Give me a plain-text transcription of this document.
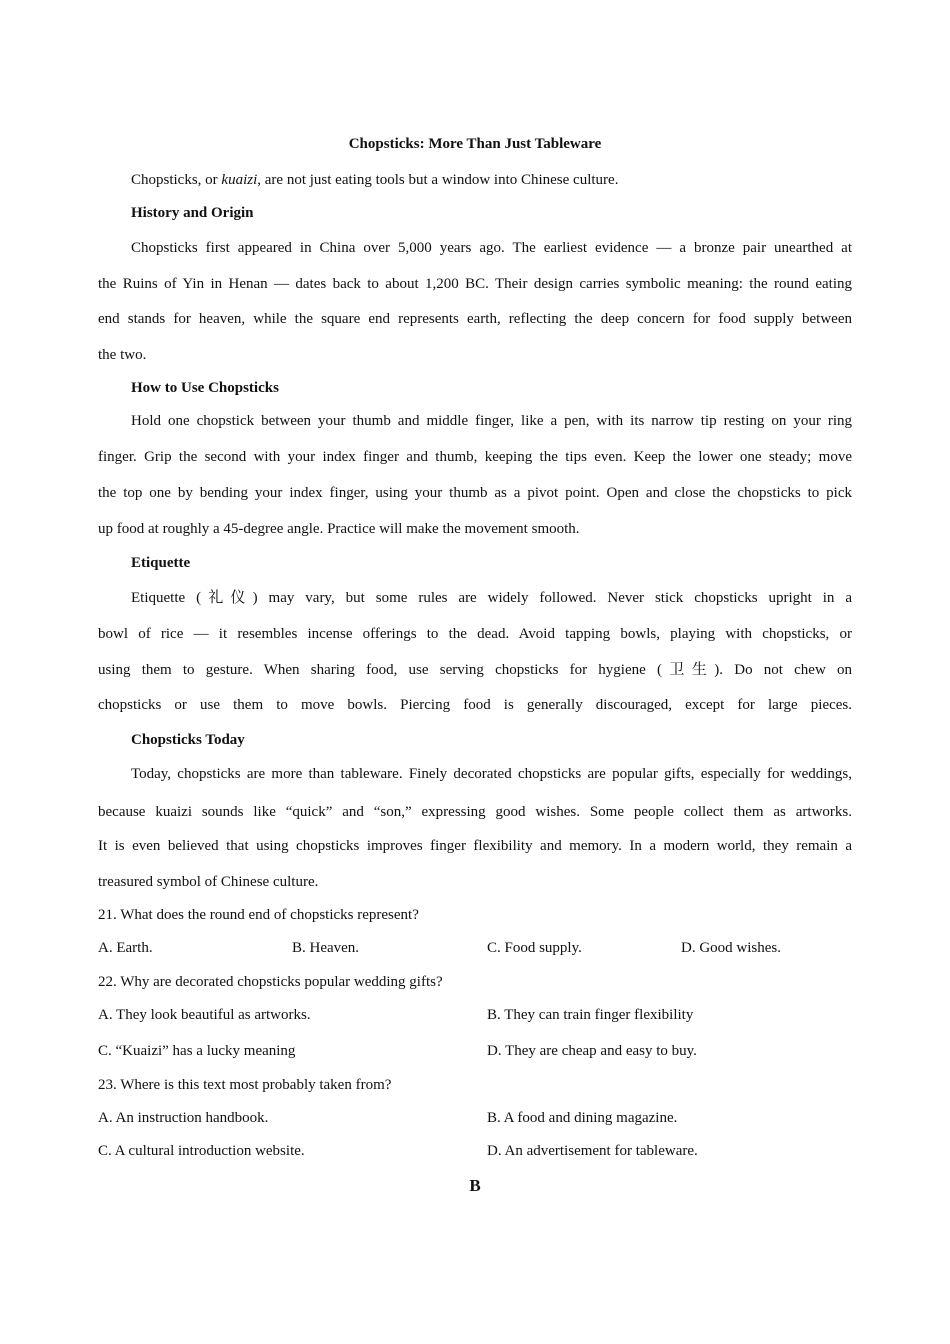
Chopsticks: More Than Just Tableware
Chopsticks, or kuaizi, are not just eating tools but a window into Chinese culture.
History and Origin
Chopsticks first appeared in China over 5,000 years ago. The earliest evidence — a bronze pair unearthed at
the Ruins of Yin in Henan — dates back to about 1,200 BC. Their design carries symbolic meaning: the round eating
end stands for heaven, while the square end represents earth, reflecting the deep concern for food supply between
the two.
How to Use Chopsticks
Hold one chopstick between your thumb and middle finger, like a pen, with its narrow tip resting on your ring
finger. Grip the second with your index finger and thumb, keeping the tips even. Keep the lower one steady; move
the top one by bending your index finger, using your thumb as a pivot point. Open and close the chopsticks to pick
up food at roughly a 45-degree angle. Practice will make the movement smooth.
Etiquette
Etiquette (礼仪) may vary, but some rules are widely followed. Never stick chopsticks upright in a
bowl of rice — it resembles incense offerings to the dead. Avoid tapping bowls, playing with chopsticks, or
using them to gesture. When sharing food, use serving chopsticks for hygiene (卫生). Do not chew on
chopsticks or use them to move bowls. Piercing food is generally discouraged, except for large pieces.
Chopsticks Today
Today, chopsticks are more than tableware. Finely decorated chopsticks are popular gifts, especially for weddings,
because kuaizi sounds like “quick” and “son,” expressing good wishes. Some people collect them as artworks.
It is even believed that using chopsticks improves finger flexibility and memory. In a modern world, they remain a
treasured symbol of Chinese culture.
21. What does the round end of chopsticks represent?
A. Earth.	B. Heaven.	C. Food supply.	D. Good wishes.
22. Why are decorated chopsticks popular wedding gifts?
A. They look beautiful as artworks.	B. They can train finger flexibility
C. “Kuaizi” has a lucky meaning	D. They are cheap and easy to buy.
23. Where is this text most probably taken from?
A. An instruction handbook.	B. A food and dining magazine.
C. A cultural introduction website.	D. An advertisement for tableware.
B
